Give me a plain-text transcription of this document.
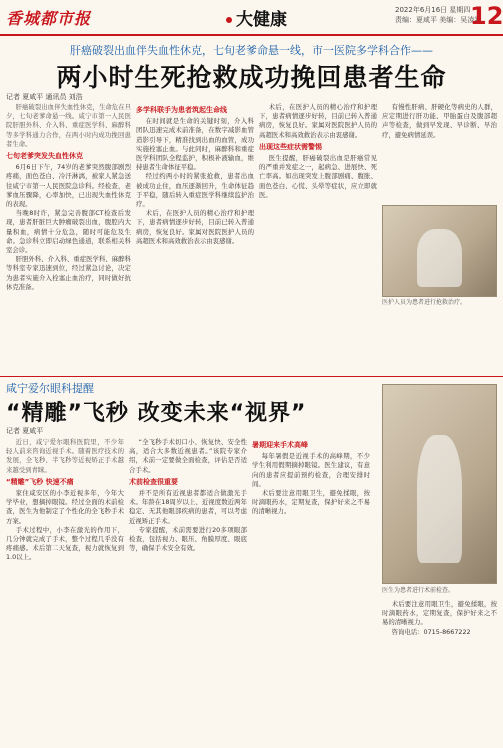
香城都市报	大健康	2022年6月16日 星期四
责编：夏咸平 美编：吴凌霜
12
肝癌破裂出血伴失血性休克，七旬老爹命悬一线，市一医院多学科合作——
两小时生死抢救成功挽回患者生命
记者 夏咸平 通讯员 刘浩
肝癌破裂出血伴失血性休克，生命危在旦夕，七旬老爹命悬一线。咸宁市第一人民医院肝胆外科、介入科、重症医学科、麻醉科等多学科通力合作，在两小时内成功挽回患者生命。
七旬老爹突发失血性休克
6月6日下午，74岁的老爹突然腹部剧烈疼痛，面色苍白、冷汗淋漓，被家人紧急送往咸宁市第一人民医院急诊科。经检查，老爹血压骤降，心率加快，已出现失血性休克的表现。
当晚8时许，紧急完善腹部CT检查后发现，患者肝脏巨大肿瘤破裂出血，腹腔内大量积血，病情十分危急，随时可能危及生命。急诊科立即启动绿色通道，联系相关科室会诊。
肝胆外科、介入科、重症医学科、麻醉科等科室专家迅速到位，经过紧急讨论，决定为患者实施介入栓塞止血治疗，同时做好抗休克准备。
多学科联手为患者筑起生命线
在时间就是生命的关键时刻，介入科团队迅速完成术前准备，在数字减影血管造影引导下，精准找到出血的血管，成功实施栓塞止血。与此同时，麻醉科和重症医学科团队全程监护，积极补液输血，维持患者生命体征平稳。
经过约两小时的紧张抢救，患者出血被成功止住，血压逐渐回升，生命体征趋于平稳，随后转入重症医学科继续监护治疗。
术后，在医护人员的精心治疗和护理下，患者病情逐步好转，目前已转入普通病房，恢复良好。家属对医院医护人员的高超医术和高效救治表示由衷感谢。
术后，在医护人员的精心治疗和护理下，患者病情逐步好转，目前已转入普通病房，恢复良好。家属对医院医护人员的高超医术和高效救治表示由衷感谢。
出现这些症状需警惕
医生提醒，肝癌破裂出血是肝癌常见的严重并发症之一，起病急、进展快、死亡率高。如出现突发上腹部剧痛、腹胀、面色苍白、心慌、头晕等症状，应立即就医。
有慢性肝病、肝硬化等病史的人群，应定期进行肝功能、甲胎蛋白及腹部超声等检查，做到早发现、早诊断、早治疗，避免病情延误。
医护人员为患者进行抢救治疗。
咸宁爱尔眼科提醒
“精雕”飞秒 改变未来“视界”
记者 夏咸平
近日，咸宁爱尔眼科医院里，不少年轻人前来咨询近视手术。随着医疗技术的发展，全飞秒、半飞秒等近视矫正手术越来越受到青睐。
“精雕”飞秒 快速不痛
家住咸安区的小李近视多年，今年大学毕业，想摘掉眼镜。经过全面的术前检查，医生为他制定了个性化的全飞秒手术方案。
手术过程中，小李在激光的作用下，几分钟就完成了手术，整个过程几乎没有疼痛感。术后第二天复查，视力就恢复到1.0以上。
“全飞秒手术切口小、恢复快、安全性高，适合大多数近视患者。”该院专家介绍，术前一定要做全面检查，评估是否适合手术。
术前检查很重要
并不是所有近视患者都适合做激光手术。年龄在18周岁以上、近视度数近两年稳定、无其他眼部疾病的患者，可以考虑近视矫正手术。
专家提醒，术前需要进行20多项眼部检查，包括视力、眼压、角膜厚度、眼底等，确保手术安全有效。
暑期迎来手术高峰
每年暑假是近视手术的高峰期，不少学生利用假期摘掉眼镜。医生建议，有意向的患者应提前预约检查，合理安排时间。
术后要注意用眼卫生，避免揉眼，按时滴眼药水，定期复查，保护好来之不易的清晰视力。
医生为患者进行术前检查。
术后要注意用眼卫生，避免揉眼，按时滴眼药水，定期复查，保护好来之不易的清晰视力。
咨询电话：0715-8667222
